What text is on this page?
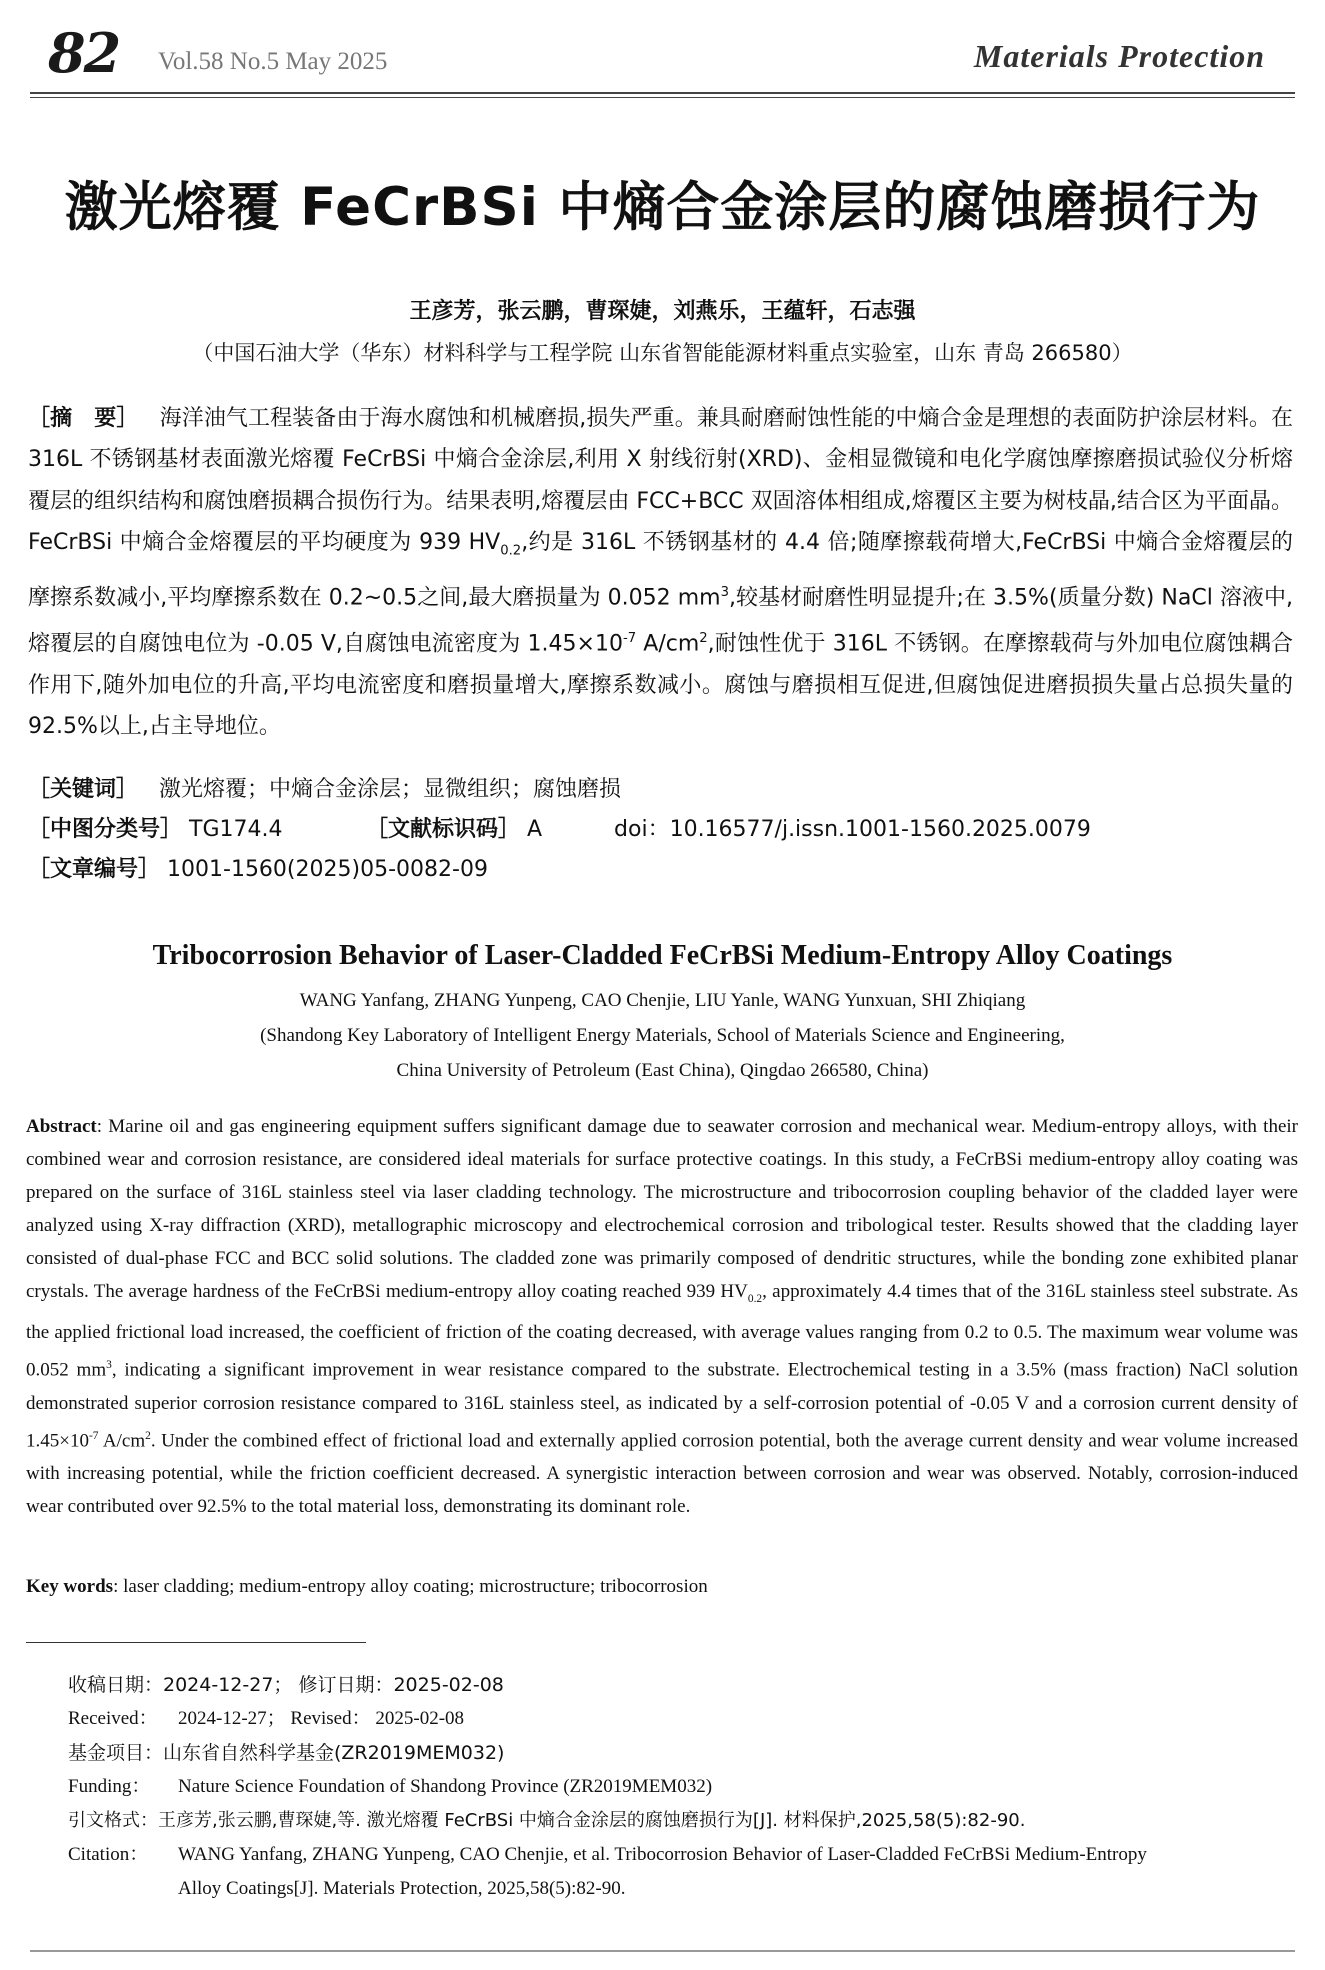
82 Vol.58 No.5 May 2025	Materials Protection
激光熔覆 FeCrBSi 中熵合金涂层的腐蚀磨损行为
王彦芳，张云鹏，曹琛婕，刘燕乐，王蕴轩，石志强
（中国石油大学（华东）材料科学与工程学院 山东省智能能源材料重点实验室，山东 青岛 266580）
［摘　要］ 海洋油气工程装备由于海水腐蚀和机械磨损,损失严重。兼具耐磨耐蚀性能的中熵合金是理想的表面防护涂层材料。在 316L 不锈钢基材表面激光熔覆 FeCrBSi 中熵合金涂层,利用 X 射线衍射(XRD)、金相显微镜和电化学腐蚀摩擦磨损试验仪分析熔覆层的组织结构和腐蚀磨损耦合损伤行为。结果表明,熔覆层由 FCC+BCC 双固溶体相组成,熔覆区主要为树枝晶,结合区为平面晶。FeCrBSi 中熵合金熔覆层的平均硬度为 939 $HV_{0.2}$,约是 316L 不锈钢基材的 4.4 倍;随摩擦载荷增大,FeCrBSi 中熵合金熔覆层的摩擦系数减小,平均摩擦系数在 0.2~0.5之间,最大磨损量为 0.052 $mm^3$,较基材耐磨性明显提升;在 3.5%(质量分数) NaCl 溶液中,熔覆层的自腐蚀电位为 -0.05 V,自腐蚀电流密度为 $1.45\times 10^{-7}$ $A/cm^2$,耐蚀性优于 316L 不锈钢。在摩擦载荷与外加电位腐蚀耦合作用下,随外加电位的升高,平均电流密度和磨损量增大,摩擦系数减小。腐蚀与磨损相互促进,但腐蚀促进磨损损失量占总损失量的 92.5%以上,占主导地位。
［关键词］ 激光熔覆；中熵合金涂层；显微组织；腐蚀磨损
［中图分类号］ TG174.4	［文献标识码］ A	doi：10.16577/j.issn.1001-1560.2025.0079
［文章编号］ 1001-1560(2025)05-0082-09
Tribocorrosion Behavior of Laser-Cladded FeCrBSi Medium-Entropy Alloy Coatings
WANG Yanfang, ZHANG Yunpeng, CAO Chenjie, LIU Yanle, WANG Yunxuan, SHI Zhiqiang
(Shandong Key Laboratory of Intelligent Energy Materials, School of Materials Science and Engineering,
China University of Petroleum (East China), Qingdao 266580, China)
Abstract: Marine oil and gas engineering equipment suffers significant damage due to seawater corrosion and mechanical wear. Medium-entropy alloys, with their combined wear and corrosion resistance, are considered ideal materials for surface protective coatings. In this study, a FeCrBSi medium-entropy alloy coating was prepared on the surface of 316L stainless steel via laser cladding technology. The microstructure and tribocorrosion coupling behavior of the cladded layer were analyzed using X-ray diffraction (XRD), metallographic microscopy and electrochemical corrosion and tribological tester. Results showed that the cladding layer consisted of dual-phase FCC and BCC solid solutions. The cladded zone was primarily composed of dendritic structures, while the bonding zone exhibited planar crystals. The average hardness of the FeCrBSi medium-entropy alloy coating reached 939 $HV_{0.2}$, approximately 4.4 times that of the 316L stainless steel substrate. As the applied frictional load increased, the coefficient of friction of the coating decreased, with average values ranging from 0.2 to 0.5. The maximum wear volume was 0.052 $mm^3$, indicating a significant improvement in wear resistance compared to the substrate. Electrochemical testing in a 3.5% (mass fraction) NaCl solution demonstrated superior corrosion resistance compared to 316L stainless steel, as indicated by a self-corrosion potential of -0.05 V and a corrosion current density of $1.45\times 10^{-7}$ $A/cm^2$. Under the combined effect of frictional load and externally applied corrosion potential, both the average current density and wear volume increased with increasing potential, while the friction coefficient decreased. A synergistic interaction between corrosion and wear was observed. Notably, corrosion-induced wear contributed over 92.5% to the total material loss, demonstrating its dominant role.
Key words: laser cladding; medium-entropy alloy coating; microstructure; tribocorrosion
收稿日期：2024-12-27； 修订日期：2025-02-08
Received： 2024-12-27； Revised： 2025-02-08
基金项目：山东省自然科学基金(ZR2019MEM032)
Funding： Nature Science Foundation of Shandong Province (ZR2019MEM032)
引文格式：王彦芳,张云鹏,曹琛婕,等. 激光熔覆 FeCrBSi 中熵合金涂层的腐蚀磨损行为[J]. 材料保护,2025,58(5):82-90.
Citation： WANG Yanfang, ZHANG Yunpeng, CAO Chenjie, et al. Tribocorrosion Behavior of Laser-Cladded FeCrBSi Medium-Entropy
Alloy Coatings[J]. Materials Protection, 2025,58(5):82-90.
